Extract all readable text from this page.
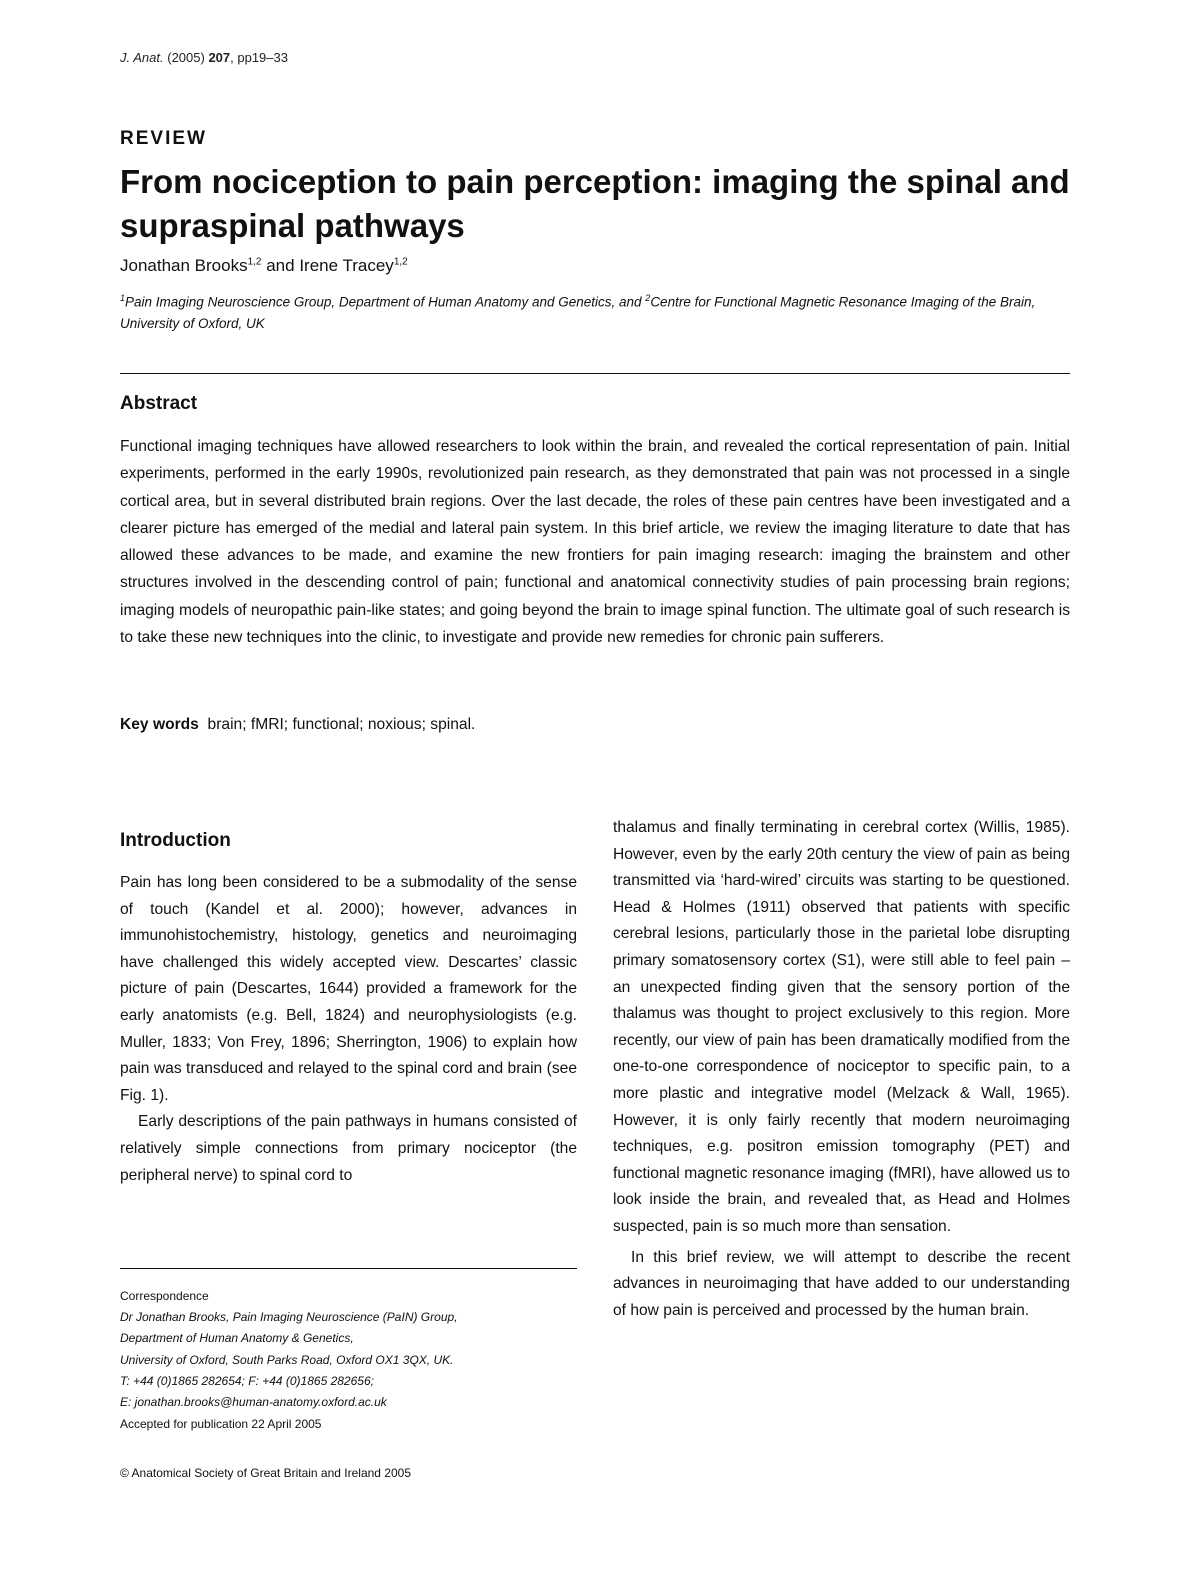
J. Anat. (2005) 207, pp19–33
REVIEW
From nociception to pain perception: imaging the spinal and supraspinal pathways
Jonathan Brooks$^{1,2}$ and Irene Tracey$^{1,2}$
$^1$Pain Imaging Neuroscience Group, Department of Human Anatomy and Genetics, and $^2$Centre for Functional Magnetic Resonance Imaging of the Brain, University of Oxford, UK
Abstract

Functional imaging techniques have allowed researchers to look within the brain, and revealed the cortical representation of pain. Initial experiments, performed in the early 1990s, revolutionized pain research, as they demonstrated that pain was not processed in a single cortical area, but in several distributed brain regions. Over the last decade, the roles of these pain centres have been investigated and a clearer picture has emerged of the medial and lateral pain system. In this brief article, we review the imaging literature to date that has allowed these advances to be made, and examine the new frontiers for pain imaging research: imaging the brainstem and other structures involved in the descending control of pain; functional and anatomical connectivity studies of pain processing brain regions; imaging models of neuropathic pain-like states; and going beyond the brain to image spinal function. The ultimate goal of such research is to take these new techniques into the clinic, to investigate and provide new remedies for chronic pain sufferers.

Key words brain; fMRI; functional; noxious; spinal.
Introduction

Pain has long been considered to be a submodality of the sense of touch (Kandel et al. 2000); however, advances in immunohistochemistry, histology, genetics and neuroimaging have challenged this widely accepted view. Descartes’ classic picture of pain (Descartes, 1644) provided a framework for the early anatomists (e.g. Bell, 1824) and neurophysiologists (e.g. Muller, 1833; Von Frey, 1896; Sherrington, 1906) to explain how pain was transduced and relayed to the spinal cord and brain (see Fig. 1).

Early descriptions of the pain pathways in humans consisted of relatively simple connections from primary nociceptor (the peripheral nerve) to spinal cord to

thalamus and finally terminating in cerebral cortex (Willis, 1985). However, even by the early 20th century the view of pain as being transmitted via ‘hard-wired’ circuits was starting to be questioned. Head & Holmes (1911) observed that patients with specific cerebral lesions, particularly those in the parietal lobe disrupting primary somatosensory cortex (S1), were still able to feel pain – an unexpected finding given that the sensory portion of the thalamus was thought to project exclusively to this region. More recently, our view of pain has been dramatically modified from the one-to-one correspondence of nociceptor to specific pain, to a more plastic and integrative model (Melzack & Wall, 1965). However, it is only fairly recently that modern neuroimaging techniques, e.g. positron emission tomography (PET) and functional magnetic resonance imaging (fMRI), have allowed us to look inside the brain, and revealed that, as Head and Holmes suspected, pain is so much more than sensation.

In this brief review, we will attempt to describe the recent advances in neuroimaging that have added to our understanding of how pain is perceived and processed by the human brain.

Correspondence
Dr Jonathan Brooks, Pain Imaging Neuroscience (PaIN) Group,
Department of Human Anatomy & Genetics,
University of Oxford, South Parks Road, Oxford OX1 3QX, UK.
T: +44 (0)1865 282654; F: +44 (0)1865 282656;
E: jonathan.brooks@human-anatomy.oxford.ac.uk
Accepted for publication 22 April 2005
© Anatomical Society of Great Britain and Ireland 2005
